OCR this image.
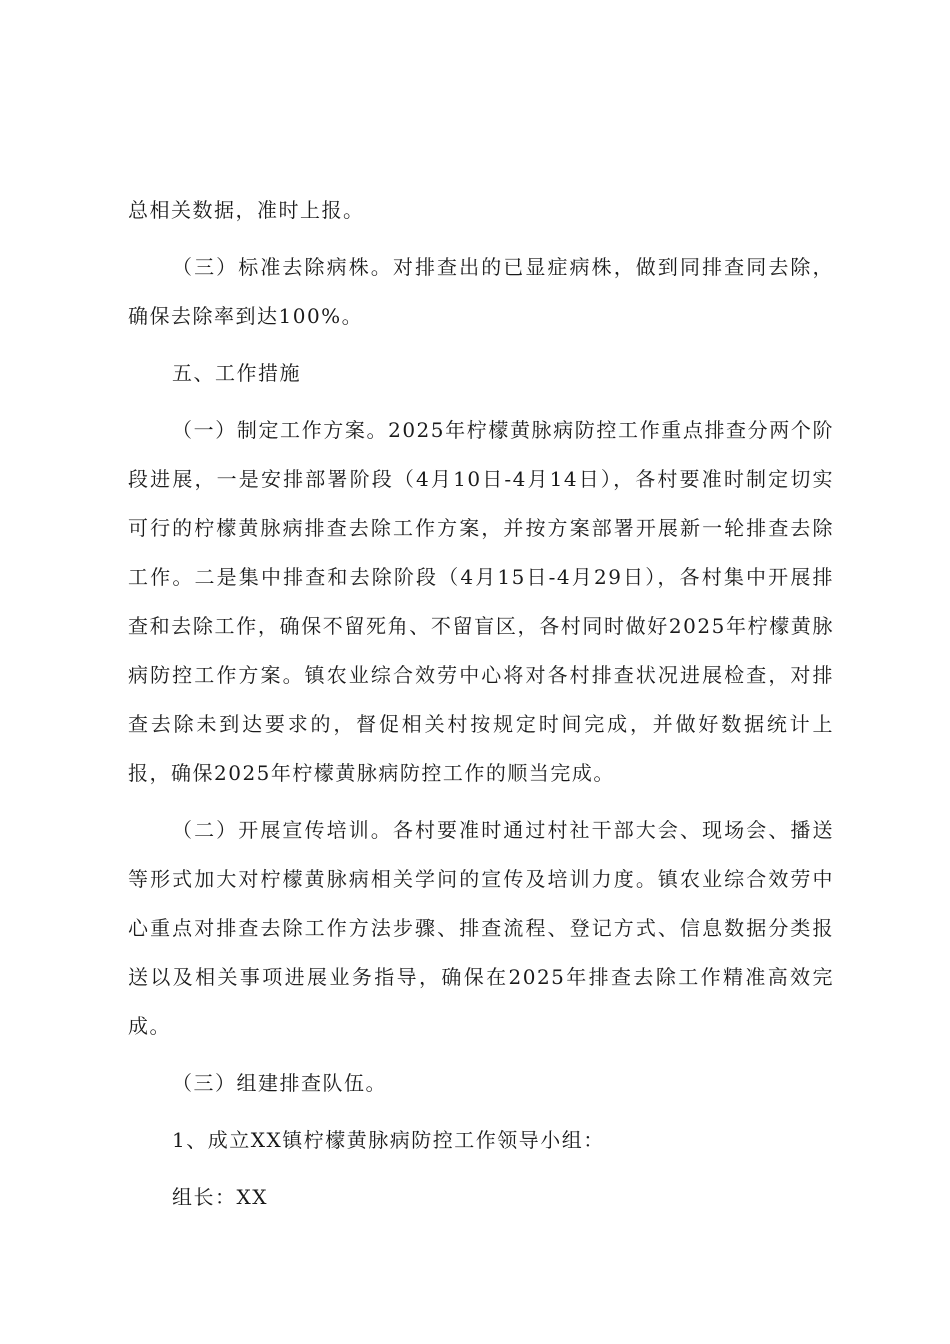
总相关数据，准时上报。

（三）标准去除病株。对排查出的已显症病株，做到同排查同去除，确保去除率到达100%。

五、工作措施

（一）制定工作方案。2025年柠檬黄脉病防控工作重点排查分两个阶段进展，一是安排部署阶段（4月10日-4月14日），各村要准时制定切实可行的柠檬黄脉病排查去除工作方案，并按方案部署开展新一轮排查去除工作。二是集中排查和去除阶段（4月15日-4月29日），各村集中开展排查和去除工作，确保不留死角、不留盲区，各村同时做好2025年柠檬黄脉病防控工作方案。镇农业综合效劳中心将对各村排查状况进展检查，对排查去除未到达要求的，督促相关村按规定时间完成，并做好数据统计上报，确保2025年柠檬黄脉病防控工作的顺当完成。

（二）开展宣传培训。各村要准时通过村社干部大会、现场会、播送等形式加大对柠檬黄脉病相关学问的宣传及培训力度。镇农业综合效劳中心重点对排查去除工作方法步骤、排查流程、登记方式、信息数据分类报送以及相关事项进展业务指导，确保在2025年排查去除工作精准高效完成。

（三）组建排查队伍。

1、成立XX镇柠檬黄脉病防控工作领导小组：

组长：XX
